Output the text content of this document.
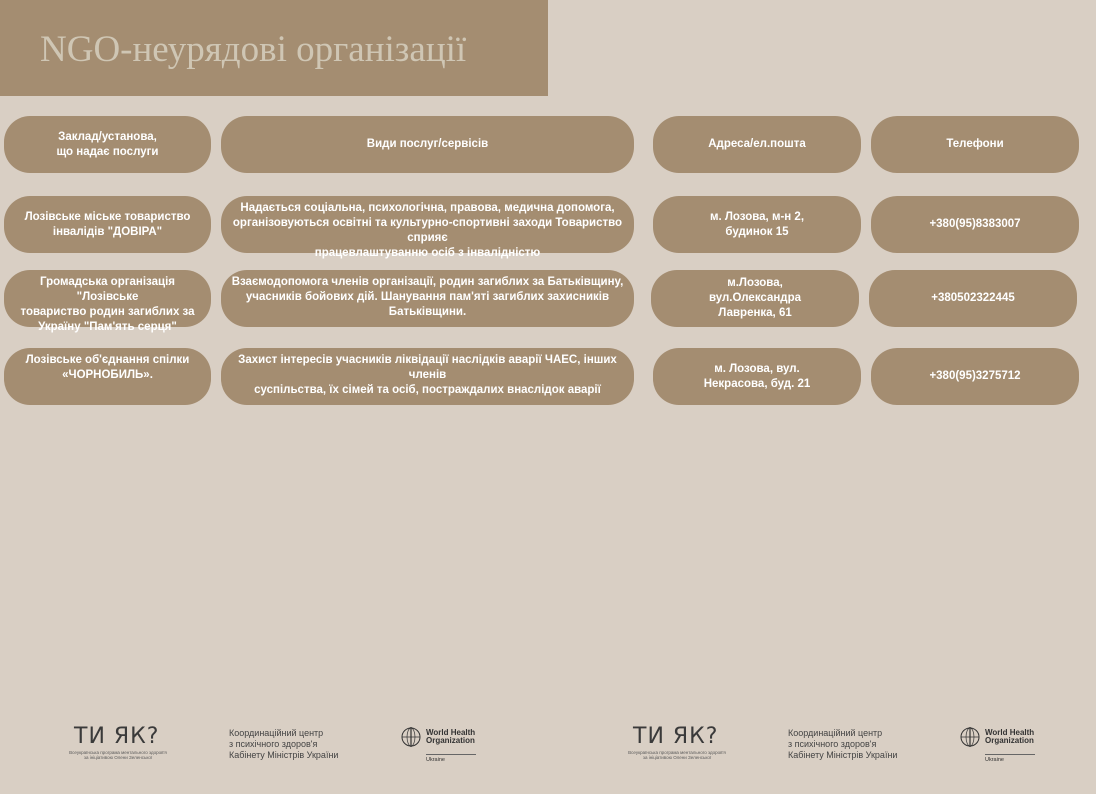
NGO-неурядові організації
Заклад/установа,
що надає послуги
Види послуг/сервісів	Адреса/ел.пошта	Телефони
Лозівське міське товариство
інвалідів "ДОВІРА"
Надається соціальна, психологічна, правова, медична допомога,
організовуються освітні та культурно-спортивні заходи Товариство сприяє
працевлаштуванню осіб з інвалідністю
м. Лозова, м-н 2,
будинок 15
+380(95)8383007
Громадська організація "Лозівське
товариство родин загиблих за
Україну "Пам'ять серця"
Взаємодопомога членів організації, родин загиблих за Батьківщину,
учасників бойових дій. Шанування пам'яті загиблих захисників
Батьківщини.
м.Лозова,
вул.Олександра
Лавренка, 61
+380502322445
Лозівське об'єднання спілки
«ЧОРНОБИЛЬ».
Захист інтересів учасників ліквідації наслідків аварії ЧАЕС, інших членів
суспільства, їх сімей та осіб, постраждалих внаслідок аварії
м. Лозова, вул.
Некрасова, буд. 21
+380(95)3275712
ТИ ЯК?
Всеукраїнська програма ментального здоров'я
за ініціативою Олени Зеленської
Координаційний центр
з психічного здоров'я
Кабінету Міністрів України
World Health
Organization
Ukraine
ТИ ЯК?
Всеукраїнська програма ментального здоров'я
за ініціативою Олени Зеленської
Координаційний центр
з психічного здоров'я
Кабінету Міністрів України
World Health
Organization
Ukraine
